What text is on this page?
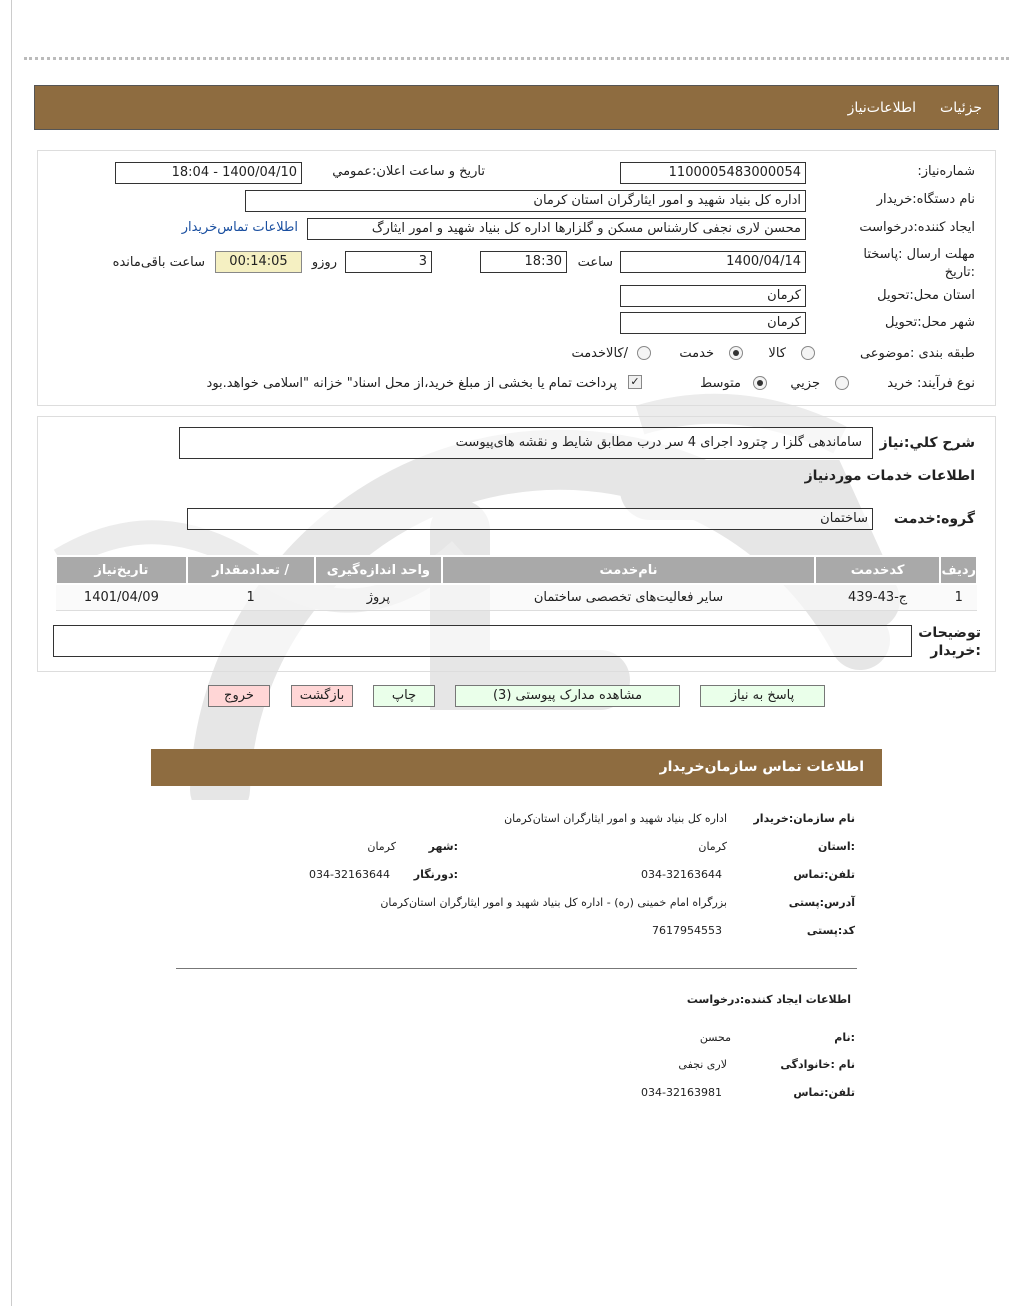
جزئیات
اطلاعات‌نیاز
شماره‌نیاز:
1100005483000054
تاریخ و ساعت اعلان:عمومي
1400/04/10 - 18:04
نام دستگاه:خریدار
اداره کل بنیاد شهید و امور ایثارگران استان کرمان
ایجاد کننده:درخواست
محسن لاری نجفی کارشناس مسکن و گلزارها اداره کل بنیاد شهید و امور ایثارگ
اطلاعات تماس‌خریدار
مهلت ارسال :پاسختا :تاریخ
1400/04/14
ساعت
18:30
3
روزو
00:14:05
ساعت باقی‌مانده
استان محل:تحویل
کرمان
شهر محل:تحویل
کرمان
طبقه بندی :موضوعی
کالا
خدمت
/کالاخدمت
نوع فرآیند: خرید
جزیي
متوسط
✓
پرداخت تمام یا بخشی از مبلغ خرید،از محل اسناد" خزانه "اسلامی خواهد.بود
شرح کلي:نیاز
ساماندهی گلزا ر چترود اجرای 4 سر درب مطابق شایط و نقشه های‌پیوست
اطلاعات خدمات موردنیاز
گروه:خدمت
ساختمان
ردیف	کدخدمت	نام‌خدمت	واحد اندازه‌گیری	/ تعدادمقدار	تاریخ‌نیاز
1	ج-43-439	سایر فعالیت‌های تخصصی ساختمان	پروژ	1	1401/04/09
توضیحات :خریدار
پاسخ به نیاز
مشاهده مدارک پیوستی (3)
چاپ
بازگشت
خروج
اطلاعات تماس سازمان‌خریدار
نام سازمان:خریدار
اداره کل بنیاد شهید و امور ایثارگران استان‌کرمان
:استان
کرمان
:شهر
کرمان
تلفن:تماس
034-32163644
:دورنگار
034-32163644
آدرس:پستی
بزرگراه امام خمینی (ره) - اداره کل بنیاد شهید و امور ایثارگران استان‌کرمان
کد:پستی
7617954553
اطلاعات ایجاد کننده:درخواست
:نام
محسن
نام :خانوادگی
لاری نجفی
تلفن:تماس
034-32163981
